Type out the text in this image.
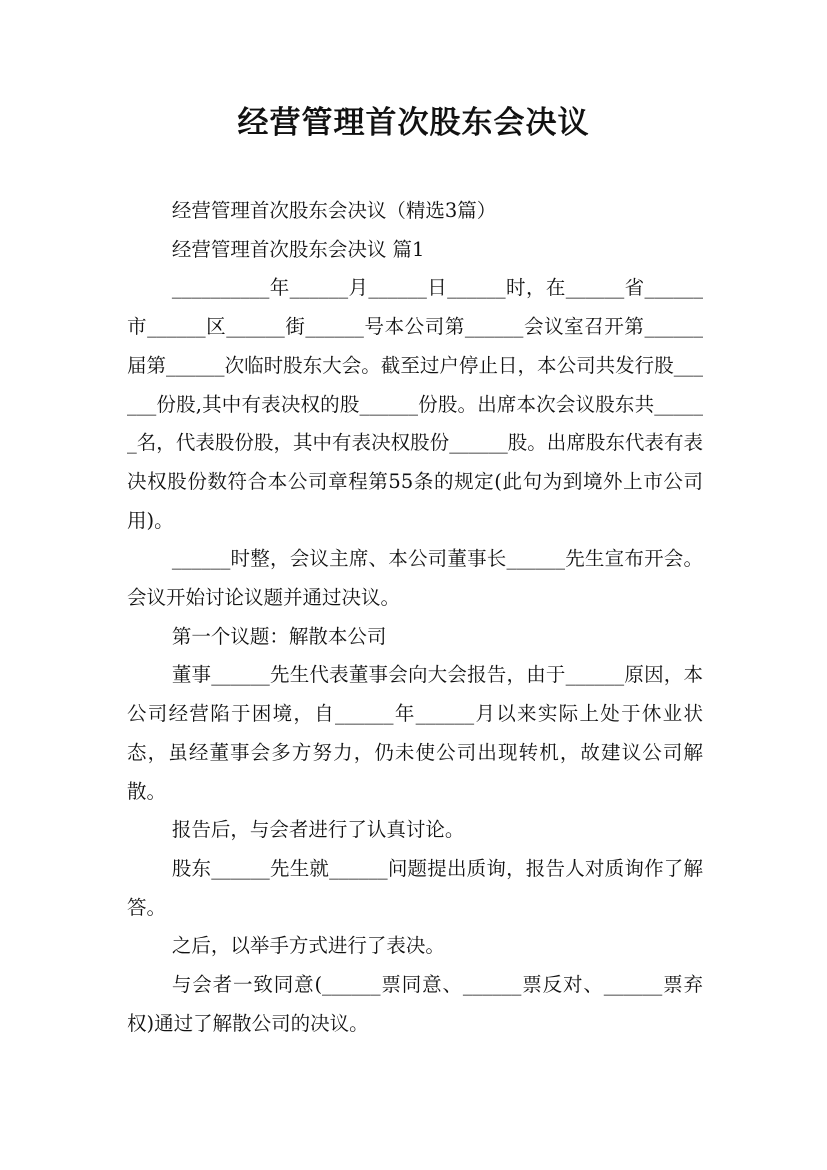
经营管理首次股东会决议

经营管理首次股东会决议（精选3篇）

经营管理首次股东会决议 篇1

__________年______月______日______时，在______省______市______区______街______号本公司第______会议室召开第______届第______次临时股东大会。截至过户停止日，本公司共发行股______份股,其中有表决权的股______份股。出席本次会议股东共______名，代表股份股，其中有表决权股份______股。出席股东代表有表决权股份数符合本公司章程第55条的规定(此句为到境外上市公司用)。

______时整，会议主席、本公司董事长______先生宣布开会。会议开始讨论议题并通过决议。

第一个议题：解散本公司

董事______先生代表董事会向大会报告，由于______原因，本公司经营陷于困境，自______年______月以来实际上处于休业状态，虽经董事会多方努力，仍未使公司出现转机，故建议公司解散。

报告后，与会者进行了认真讨论。

股东______先生就______问题提出质询，报告人对质询作了解答。

之后，以举手方式进行了表决。

与会者一致同意(______票同意、______票反对、______票弃权)通过了解散公司的决议。
